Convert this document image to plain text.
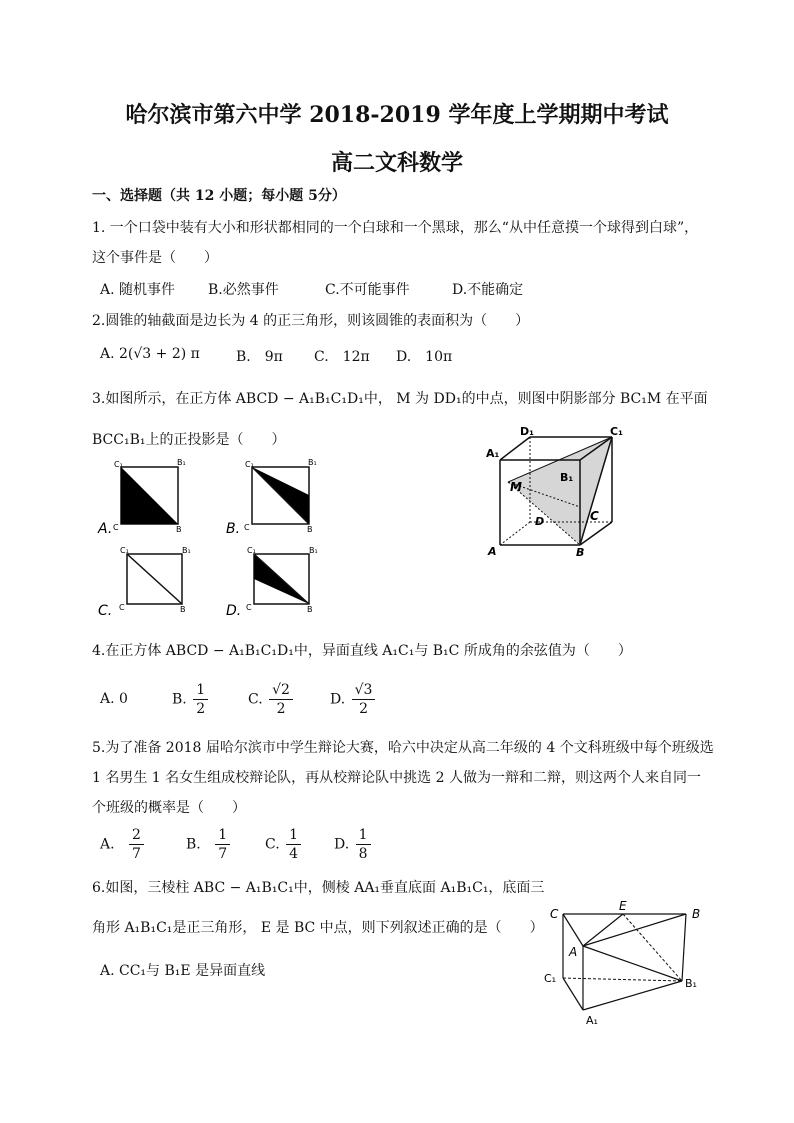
哈尔滨市第六中学 2018-2019 学年度上学期期中考试
高二文科数学
一、选择题（共 12 小题；每小题 5分）
1. 一个口袋中装有大小和形状都相同的一个白球和一个黑球，那么“从中任意摸一个球得到白球”，
这个事件是（　　）
A. 随机事件 B.必然事件	C.不可能事件	D.不能确定
2.圆锥的轴截面是边长为 4 的正三角形，则该圆锥的表面积为（　　）
A. 2(√3 + 2) π	B.　9π C.　12π D.　10π
3.如图所示，在正方体 ABCD − A₁B₁C₁D₁中， M 为 DD₁的中点，则图中阴影部分 BC₁M 在平面
BCC₁B₁上的正投影是（　　）
C₁	B₁
C	B
A.
C₁	B₁
C	B
B.
C₁	B₁
C	B
C.
C₁	B₁
C	B
D.
D₁	C₁
A₁
B₁
M
C
D
A	B
4.在正方体 ABCD − A₁B₁C₁D₁中，异面直线 A₁C₁与 B₁C 所成角的余弦值为（　　）
A. 0	B. $\frac{1}{2}$	C. $\frac{√2}{2}$	D. $\frac{√3}{2}$
5.为了准备 2018 届哈尔滨市中学生辩论大赛，哈六中决定从高二年级的 4 个文科班级中每个班级选
1 名男生 1 名女生组成校辩论队，再从校辩论队中挑选 2 人做为一辩和二辩，则这两个人来自同一
个班级的概率是（　　）
A. $\frac{2}{7}$	B. $\frac{1}{7} C$. $\frac{1}{4} D$. $\frac{1}{8}$
6.如图，三棱柱 ABC − A₁B₁C₁中，侧棱 AA₁垂直底面 A₁B₁C₁，底面三
角形 A₁B₁C₁是正三角形， E 是 BC 中点，则下列叙述正确的是（　　）
A. CC₁与 B₁E 是异面直线
C
E
B
A
C₁	B₁
A₁
